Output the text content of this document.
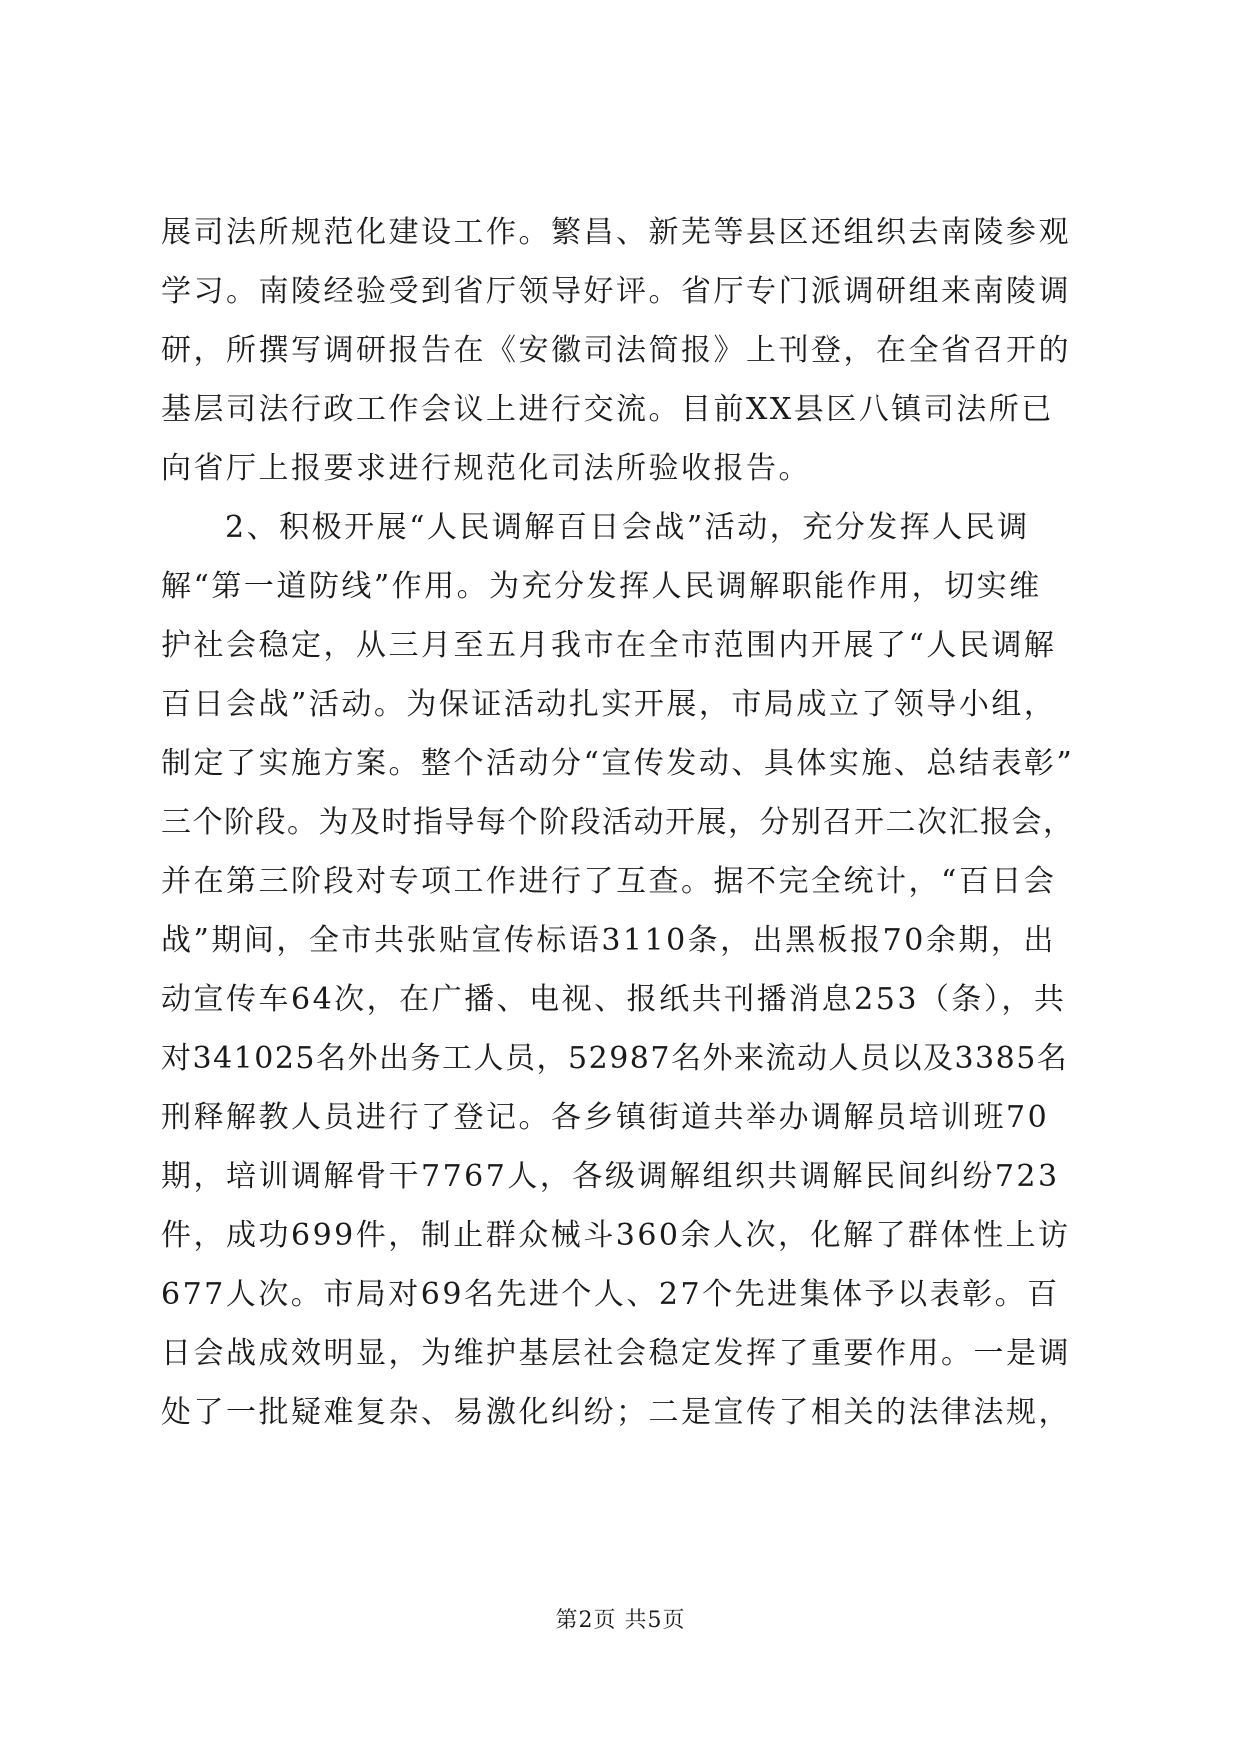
展司法所规范化建设工作。繁昌、新芜等县区还组织去南陵参观
学习。南陵经验受到省厅领导好评。省厅专门派调研组来南陵调
研，所撰写调研报告在《安徽司法简报》上刊登，在全省召开的
基层司法行政工作会议上进行交流。目前XX县区八镇司法所已
向省厅上报要求进行规范化司法所验收报告。
2、积极开展“人民调解百日会战”活动，充分发挥人民调
解“第一道防线”作用。为充分发挥人民调解职能作用，切实维
护社会稳定，从三月至五月我市在全市范围内开展了“人民调解
百日会战”活动。为保证活动扎实开展，市局成立了领导小组，
制定了实施方案。整个活动分“宣传发动、具体实施、总结表彰”
三个阶段。为及时指导每个阶段活动开展，分别召开二次汇报会，
并在第三阶段对专项工作进行了互查。据不完全统计，“百日会
战”期间，全市共张贴宣传标语3110条，出黑板报70余期，出
动宣传车64次，在广播、电视、报纸共刊播消息253（条），共
对341025名外出务工人员，52987名外来流动人员以及3385名
刑释解教人员进行了登记。各乡镇街道共举办调解员培训班70
期，培训调解骨干7767人，各级调解组织共调解民间纠纷723
件，成功699件，制止群众械斗360余人次，化解了群体性上访
677人次。市局对69名先进个人、27个先进集体予以表彰。百
日会战成效明显，为维护基层社会稳定发挥了重要作用。一是调
处了一批疑难复杂、易激化纠纷；二是宣传了相关的法律法规，
第2页 共5页
